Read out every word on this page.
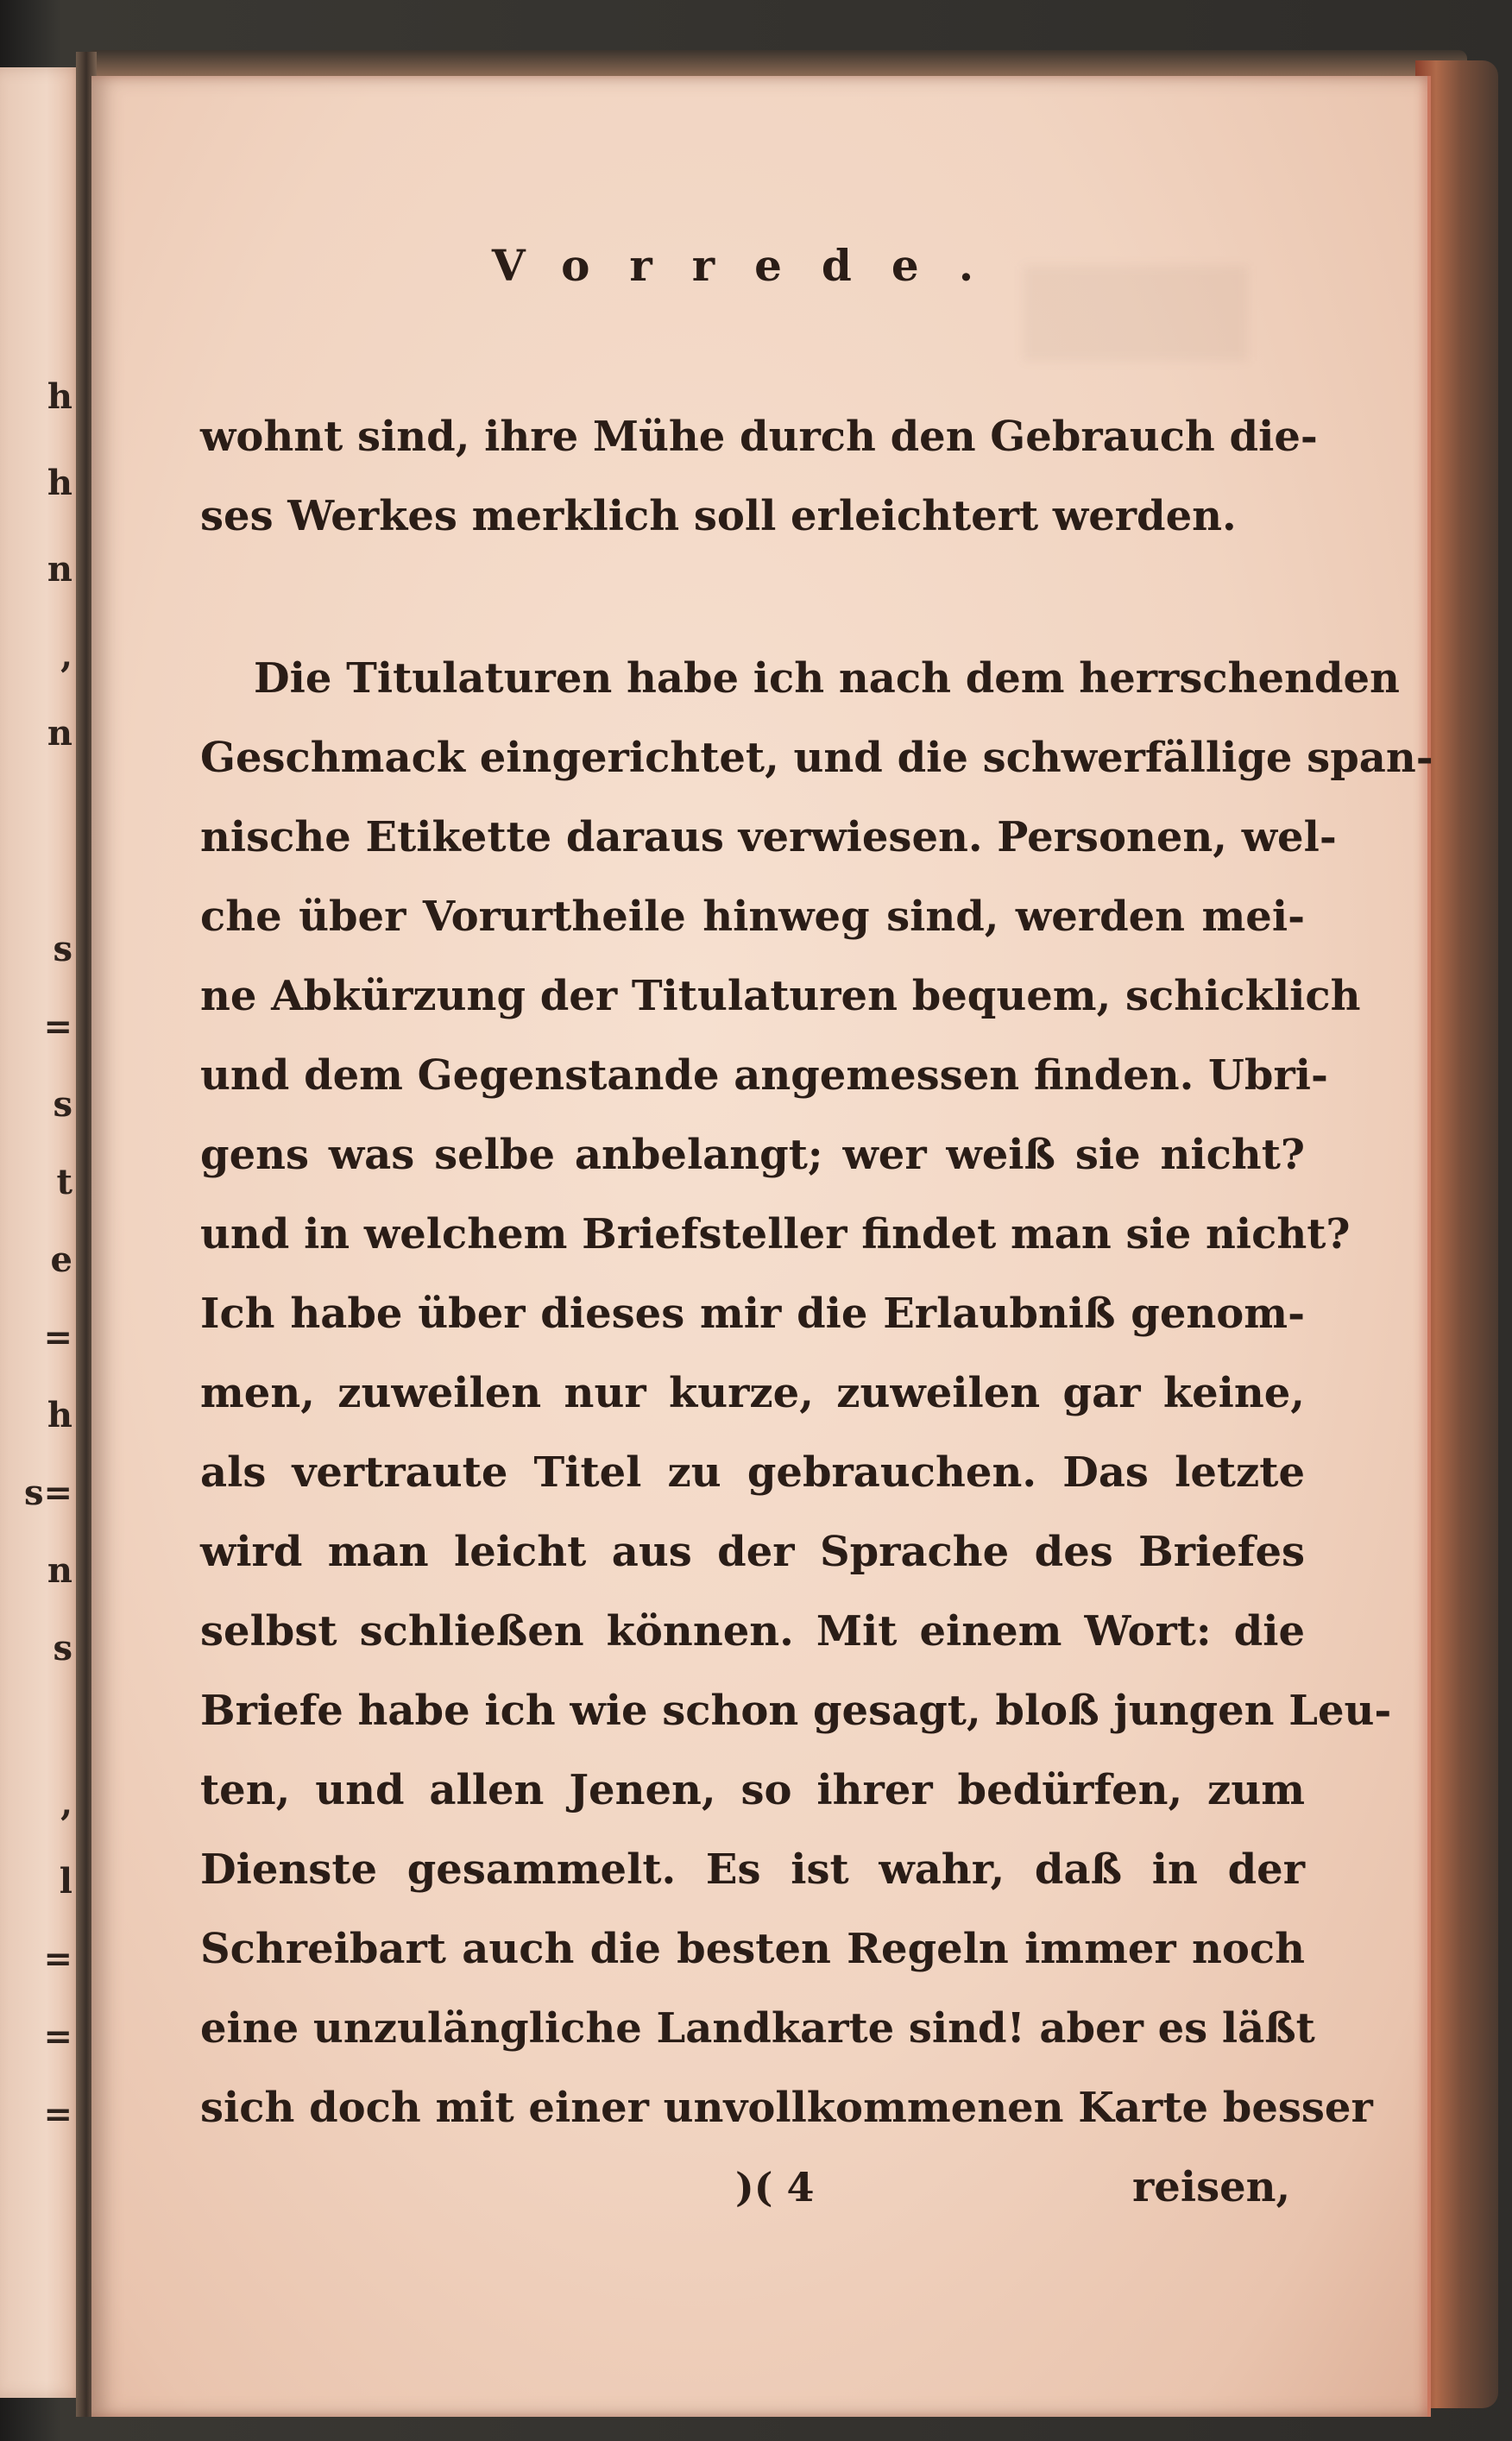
h
h
n
,
n
s
=
s
t
e
=
h
s=
n
s
,
l
=
=
=
Vorrede.
wohnt sind, ihre Mühe durch den Gebrauch die-
ses Werkes merklich soll erleichtert werden.
Die Titulaturen habe ich nach dem herrschenden
Geschmack eingerichtet, und die schwerfällige span-
nische Etikette daraus verwiesen. Personen, wel-
che über Vorurtheile hinweg sind, werden mei-
ne Abkürzung der Titulaturen bequem, schicklich
und dem Gegenstande angemessen finden. Ubri-
gens was selbe anbelangt; wer weiß sie nicht?
und in welchem Briefsteller findet man sie nicht?
Ich habe über dieses mir die Erlaubniß genom-
men, zuweilen nur kurze, zuweilen gar keine,
als vertraute Titel zu gebrauchen. Das letzte
wird man leicht aus der Sprache des Briefes
selbst schließen können. Mit einem Wort: die
Briefe habe ich wie schon gesagt, bloß jungen Leu-
ten, und allen Jenen, so ihrer bedürfen, zum
Dienste gesammelt. Es ist wahr, daß in der
Schreibart auch die besten Regeln immer noch
eine unzulängliche Landkarte sind! aber es läßt
sich doch mit einer unvollkommenen Karte besser
)( 4	reisen,
